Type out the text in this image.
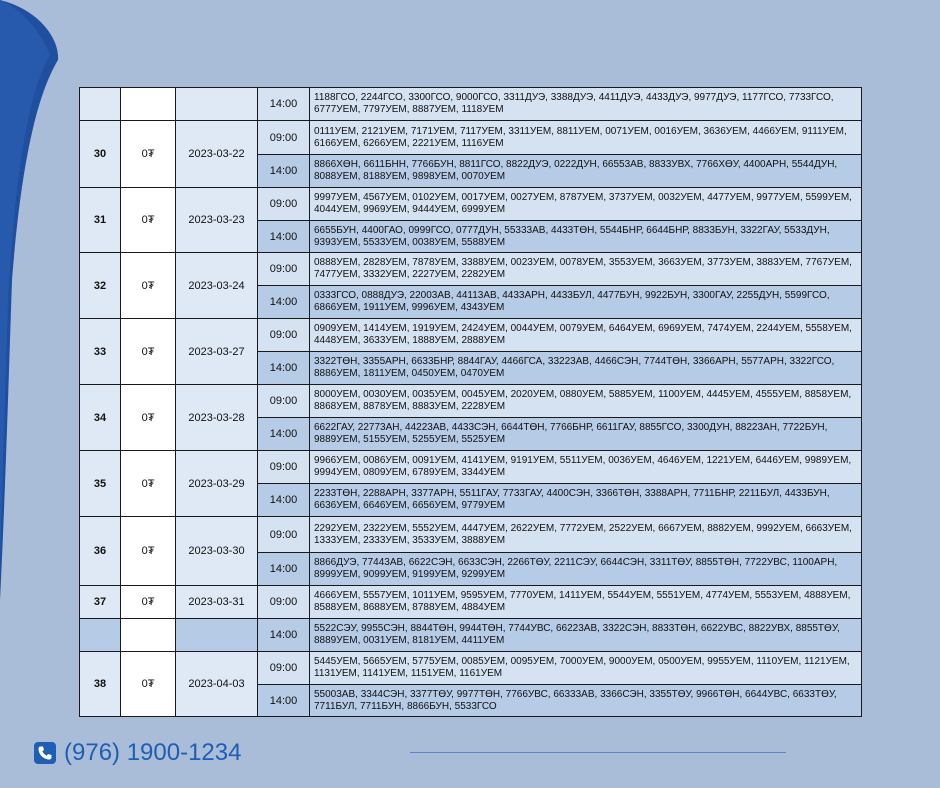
			14:00	1188ГСО, 2244ГСО, 3300ГСО, 9000ГСО, 3311ДУЭ, 3388ДУЭ, 4411ДУЭ, 4433ДУЭ, 9977ДУЭ, 1177ГСО, 7733ГСО, 6777УЕМ, 7797УЕМ, 8887УЕМ, 1118УЕМ
30	0₮	2023-03-22	09:00	0111УЕМ, 2121УЕМ, 7171УЕМ, 7117УЕМ, 3311УЕМ, 8811УЕМ, 0071УЕМ, 0016УЕМ, 3636УЕМ, 4466УЕМ, 9111УЕМ, 6166УЕМ, 6266УЕМ, 2221УЕМ, 1116УЕМ
			14:00	8866ХӨН, 6611БНН, 7766БУН, 8811ГСО, 8822ДУЭ, 0222ДУН, 66553АВ, 8833УВХ, 7766ХӨУ, 4400АРН, 5544ДУН, 8088УЕМ, 8188УЕМ, 9898УЕМ, 0070УЕМ
31	0₮	2023-03-23	09:00	9997УЕМ, 4567УЕМ, 0102УЕМ, 0017УЕМ, 0027УЕМ, 8787УЕМ, 3737УЕМ, 0032УЕМ, 4477УЕМ, 9977УЕМ, 5599УЕМ, 4044УЕМ, 9969УЕМ, 9444УЕМ, 6999УЕМ
			14:00	6655БУН, 4400ГАО, 0999ГСО, 0777ДУН, 55333АВ, 4433ТӨН, 5544БНР, 6644БНР, 8833БУН, 3322ГАУ, 5533ДУН, 9393УЕМ, 5533УЕМ, 0038УЕМ, 5588УЕМ
32	0₮	2023-03-24	09:00	0888УЕМ, 2828УЕМ, 7878УЕМ, 3388УЕМ, 0023УЕМ, 0078УЕМ, 3553УЕМ, 3663УЕМ, 3773УЕМ, 3883УЕМ, 7767УЕМ, 7477УЕМ, 3332УЕМ, 2227УЕМ, 2282УЕМ
			14:00	0333ГСО, 0888ДУЭ, 22003АВ, 44113АВ, 4433АРН, 4433БУЛ, 4477БУН, 9922БУН, 3300ГАУ, 2255ДУН, 5599ГСО, 6866УЕМ, 1911УЕМ, 9996УЕМ, 4343УЕМ
33	0₮	2023-03-27	09:00	0909УЕМ, 1414УЕМ, 1919УЕМ, 2424УЕМ, 0044УЕМ, 0079УЕМ, 6464УЕМ, 6969УЕМ, 7474УЕМ, 2244УЕМ, 5558УЕМ, 4448УЕМ, 3633УЕМ, 1888УЕМ, 2888УЕМ
			14:00	3322ТӨН, 3355АРН, 6633БНР, 8844ГАУ, 4466ГСА, 33223АВ, 4466СЭН, 7744ТӨН, 3366АРН, 5577АРН, 3322ГСО, 8886УЕМ, 1811УЕМ, 0450УЕМ, 0470УЕМ
34	0₮	2023-03-28	09:00	8000УЕМ, 0030УЕМ, 0035УЕМ, 0045УЕМ, 2020УЕМ, 0880УЕМ, 5885УЕМ, 1100УЕМ, 4445УЕМ, 4555УЕМ, 8858УЕМ, 8868УЕМ, 8878УЕМ, 8883УЕМ, 2228УЕМ
			14:00	6622ГАУ, 22773АН, 44223АВ, 4433СЭН, 6644ТӨН, 7766БНР, 6611ГАУ, 8855ГСО, 3300ДУН, 88223АН, 7722БУН, 9889УЕМ, 5155УЕМ, 5255УЕМ, 5525УЕМ
35	0₮	2023-03-29	09:00	9966УЕМ, 0086УЕМ, 0091УЕМ, 4141УЕМ, 9191УЕМ, 5511УЕМ, 0036УЕМ, 4646УЕМ, 1221УЕМ, 6446УЕМ, 9989УЕМ, 9994УЕМ, 0809УЕМ, 6789УЕМ, 3344УЕМ
			14:00	2233ТӨН, 2288АРН, 3377АРН, 5511ГАУ, 7733ГАУ, 4400СЭН, 3366ТӨН, 3388АРН, 7711БНР, 2211БУЛ, 4433БУН, 6636УЕМ, 6646УЕМ, 6656УЕМ, 9779УЕМ
36	0₮	2023-03-30	09:00	2292УЕМ, 2322УЕМ, 5552УЕМ, 4447УЕМ, 2622УЕМ, 7772УЕМ, 2522УЕМ, 6667УЕМ, 8882УЕМ, 9992УЕМ, 6663УЕМ, 1333УЕМ, 2333УЕМ, 3533УЕМ, 3888УЕМ
			14:00	8866ДУЭ, 77443АВ, 6622СЭН, 6633СЭН, 2266ТӨУ, 2211СЭУ, 6644СЭН, 3311ТӨУ, 8855ТӨН, 7722УВС, 1100АРН, 8999УЕМ, 9099УЕМ, 9199УЕМ, 9299УЕМ
37	0₮	2023-03-31	09:00	4666УЕМ, 5557УЕМ, 1011УЕМ, 9595УЕМ, 7770УЕМ, 1411УЕМ, 5544УЕМ, 5551УЕМ, 4774УЕМ, 5553УЕМ, 4888УЕМ, 8588УЕМ, 8688УЕМ, 8788УЕМ, 4884УЕМ
			14:00	5522СЭУ, 9955СЭН, 8844ТӨН, 9944ТӨН, 7744УВС, 66223АВ, 3322СЭН, 8833ТӨН, 6622УВС, 8822УВХ, 8855ТӨУ, 8889УЕМ, 0031УЕМ, 8181УЕМ, 4411УЕМ
38	0₮	2023-04-03	09:00	5445УЕМ, 5665УЕМ, 5775УЕМ, 0085УЕМ, 0095УЕМ, 7000УЕМ, 9000УЕМ, 0500УЕМ, 9955УЕМ, 1110УЕМ, 1121УЕМ, 1131УЕМ, 1141УЕМ, 1151УЕМ, 1161УЕМ
			14:00	55003АВ, 3344СЭН, 3377ТӨУ, 9977ТӨН, 7766УВС, 66333АВ, 3366СЭН, 3355ТӨУ, 9966ТӨН, 6644УВС, 6633ТӨУ, 7711БУЛ, 7711БУН, 8866БУН, 5533ГСО
(976) 1900-1234
